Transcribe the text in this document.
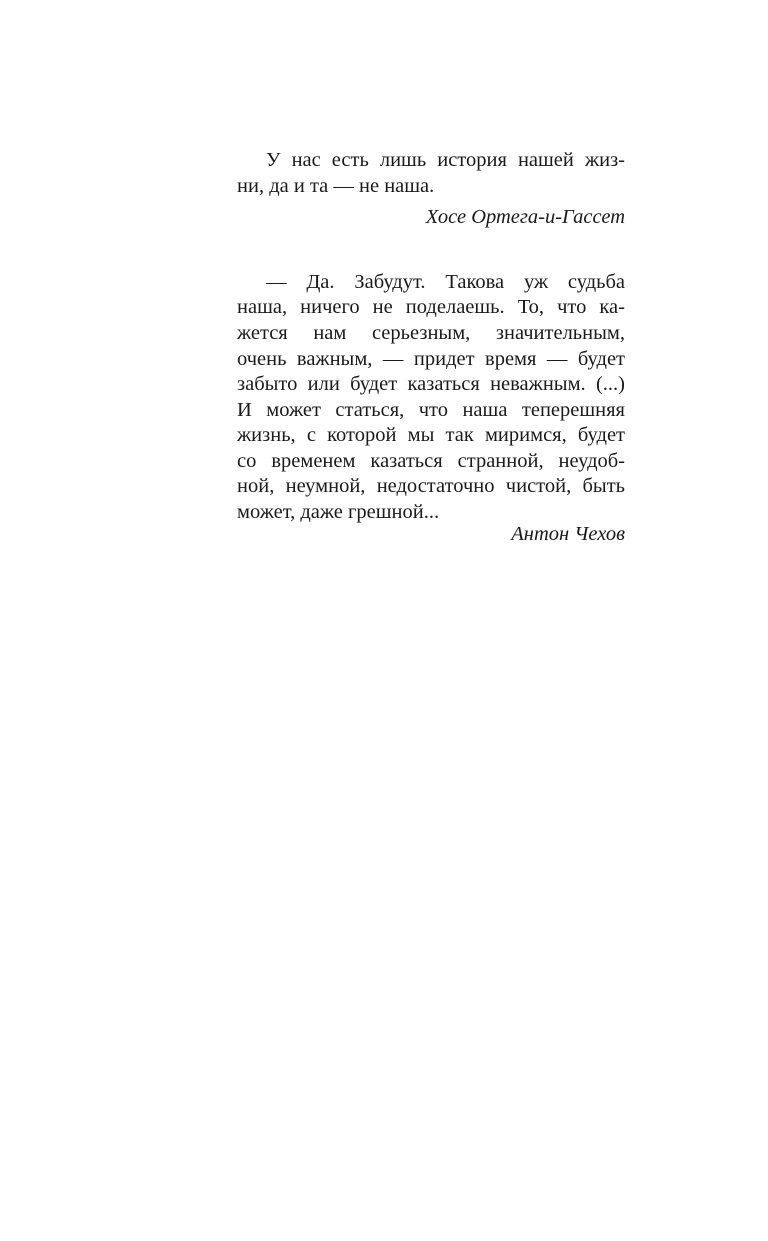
У нас есть лишь история нашей жиз-
ни, да и та — не наша.
Хосе Ортега-и-Гассет
— Да. Забудут. Такова уж судьба
наша, ничего не поделаешь. То, что ка-
жется нам серьезным, значительным,
очень важным, — придет время — будет
забыто или будет казаться неважным. (...)
И может статься, что наша теперешняя
жизнь, с которой мы так миримся, будет
со временем казаться странной, неудоб-
ной, неумной, недостаточно чистой, быть
может, даже грешной...
Антон Чехов
